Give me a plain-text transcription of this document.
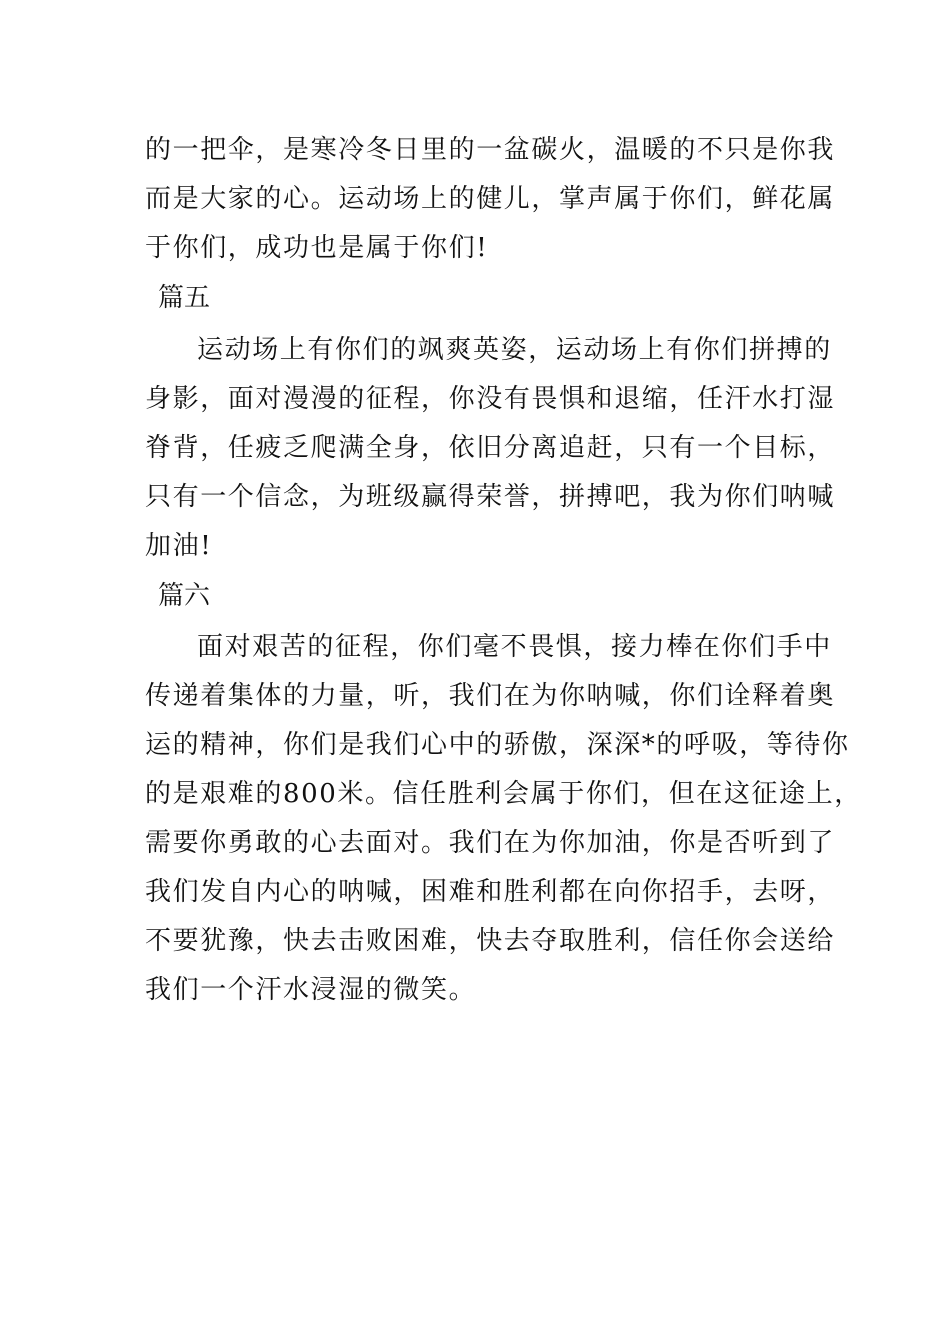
的一把伞，是寒冷冬日里的一盆碳火，温暖的不只是你我
而是大家的心。运动场上的健儿，掌声属于你们，鲜花属
于你们，成功也是属于你们!
篇五
运动场上有你们的飒爽英姿，运动场上有你们拼搏的
身影，面对漫漫的征程，你没有畏惧和退缩，任汗水打湿
脊背，任疲乏爬满全身，依旧分离追赶，只有一个目标，
只有一个信念，为班级赢得荣誉，拼搏吧，我为你们呐喊
加油!
篇六
面对艰苦的征程，你们毫不畏惧，接力棒在你们手中
传递着集体的力量，听，我们在为你呐喊，你们诠释着奥
运的精神，你们是我们心中的骄傲，深深*的呼吸，等待你
的是艰难的800米。信任胜利会属于你们，但在这征途上，
需要你勇敢的心去面对。我们在为你加油，你是否听到了
我们发自内心的呐喊，困难和胜利都在向你招手，去呀，
不要犹豫，快去击败困难，快去夺取胜利，信任你会送给
我们一个汗水浸湿的微笑。
